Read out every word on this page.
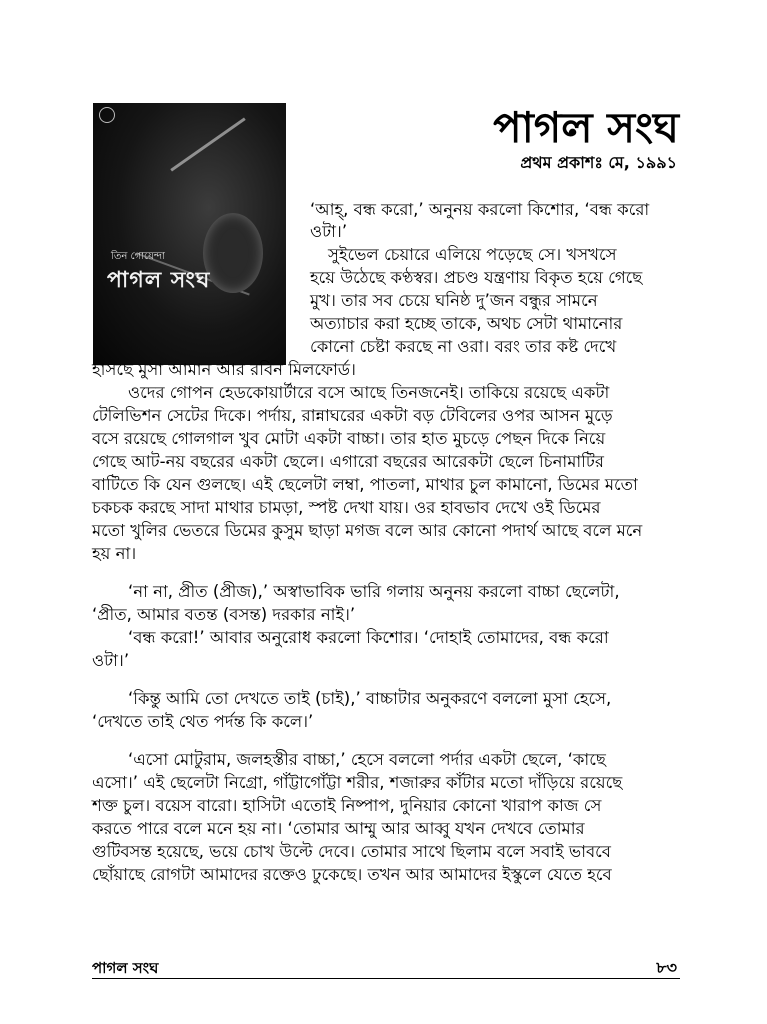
তিন গোয়েন্দা
পাগল সংঘ
পাগল সংঘ
প্রথম প্রকাশঃ মে, ১৯৯১
‘আহ্, বন্ধ করো,’ অনুনয় করলো কিশোর, ‘বন্ধ করো
ওটা।’
সুইভেল চেয়ারে এলিয়ে পড়েছে সে। খসখসে
হয়ে উঠেছে কণ্ঠস্বর। প্রচণ্ড যন্ত্রণায় বিকৃত হয়ে গেছে
মুখ। তার সব চেয়ে ঘনিষ্ঠ দু’জন বন্ধুর সামনে
অত্যাচার করা হচ্ছে তাকে, অথচ সেটা থামানোর
কোনো চেষ্টা করছে না ওরা। বরং তার কষ্ট দেখে
হাসছে মুসা আমান আর রবিন মিলফোর্ড।
ওদের গোপন হেডকোয়ার্টারে বসে আছে তিনজনেই। তাকিয়ে রয়েছে একটা
টেলিভিশন সেটের দিকে। পর্দায়, রান্নাঘরের একটা বড় টেবিলের ওপর আসন মুড়ে
বসে রয়েছে গোলগাল খুব মোটা একটা বাচ্চা। তার হাত মুচড়ে পেছন দিকে নিয়ে
গেছে আট-নয় বছরের একটা ছেলে। এগারো বছরের আরেকটা ছেলে চিনামাটির
বাটিতে কি যেন গুলছে। এই ছেলেটা লম্বা, পাতলা, মাথার চুল কামানো, ডিমের মতো
চকচক করছে সাদা মাথার চামড়া, স্পষ্ট দেখা যায়। ওর হাবভাব দেখে ওই ডিমের
মতো খুলির ভেতরে ডিমের কুসুম ছাড়া মগজ বলে আর কোনো পদার্থ আছে বলে মনে
হয় না।
‘না না, প্রীত (প্রীজ),’ অস্বাভাবিক ভারি গলায় অনুনয় করলো বাচ্চা ছেলেটা,
‘প্রীত, আমার বতন্ত (বসন্ত) দরকার নাই।’
‘বন্ধ করো!’ আবার অনুরোধ করলো কিশোর। ‘দোহাই তোমাদের, বন্ধ করো
ওটা।’
‘কিন্তু আমি তো দেখতে তাই (চাই),’ বাচ্চাটার অনুকরণে বললো মুসা হেসে,
‘দেখতে তাই থেত পর্দন্ত কি কলে।’
‘এসো মোটুরাম, জলহস্তীর বাচ্চা,’ হেসে বললো পর্দার একটা ছেলে, ‘কাছে
এসো।’ এই ছেলেটা নিগ্রো, গাঁট্টাগোঁট্টা শরীর, শজারুর কাঁটার মতো দাঁড়িয়ে রয়েছে
শক্ত চুল। বয়েস বারো। হাসিটা এতোই নিষ্পাপ, দুনিয়ার কোনো খারাপ কাজ সে
করতে পারে বলে মনে হয় না। ‘তোমার আম্মু আর আব্বু যখন দেখবে তোমার
গুটিবসন্ত হয়েছে, ভয়ে চোখ উল্টে দেবে। তোমার সাথে ছিলাম বলে সবাই ভাববে
ছোঁয়াছে রোগটা আমাদের রক্তেও ঢুকেছে। তখন আর আমাদের ইস্কুলে যেতে হবে
পাগল সংঘ	৮৩
